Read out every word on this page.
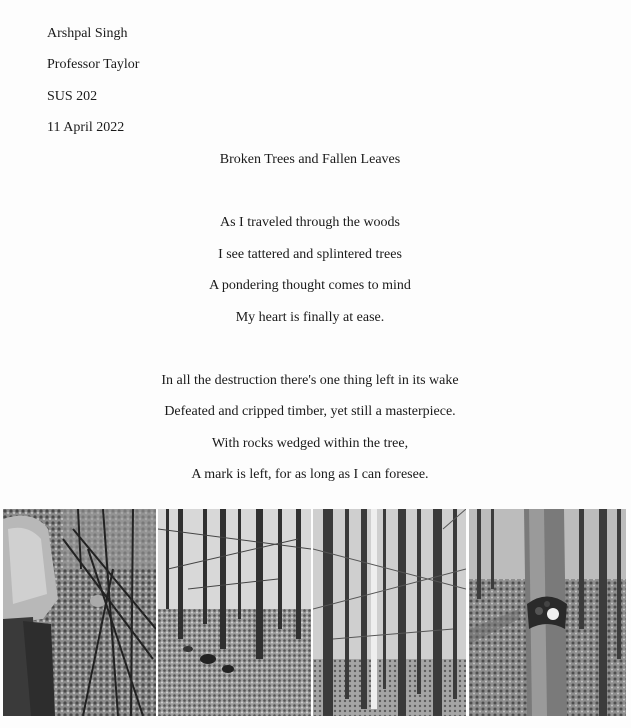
Arshpal Singh
Professor Taylor
SUS 202
11 April 2022
Broken Trees and Fallen Leaves
As I traveled through the woods
I see tattered and splintered trees
A pondering thought comes to mind
My heart is finally at ease.
In all the destruction there's one thing left in its wake
Defeated and cripped timber, yet still a masterpiece.
With rocks wedged within the tree,
A mark is left, for as long as I can foresee.
